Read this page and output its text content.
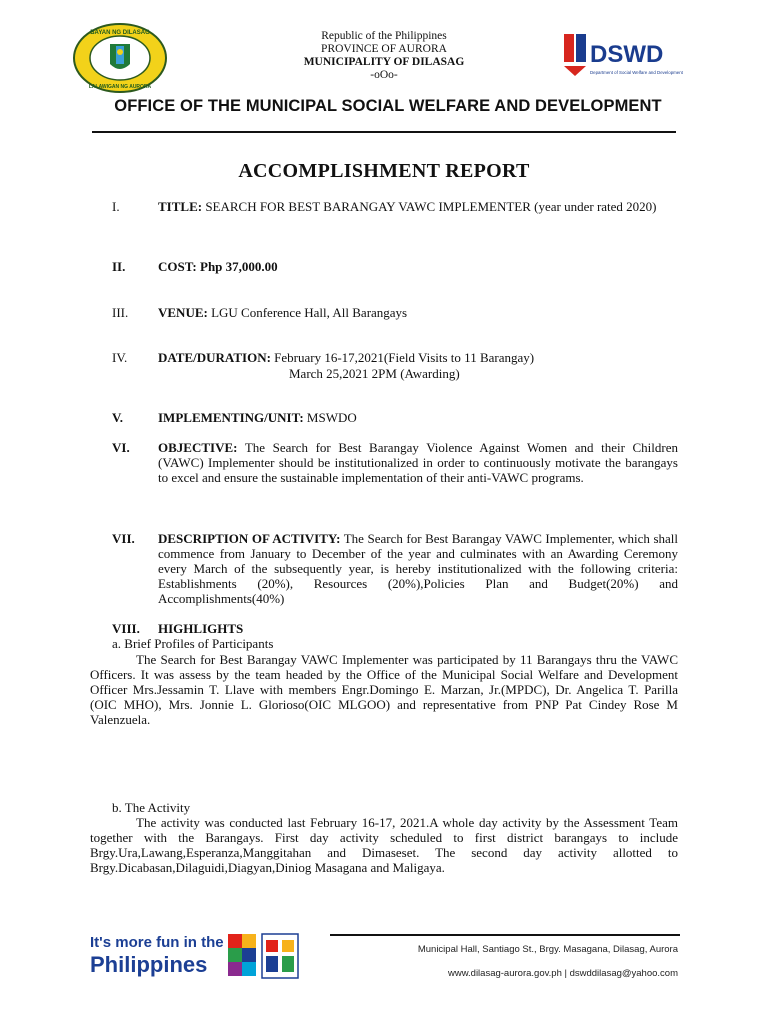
BAYAN NG DILASAG
LALAWIGAN NG AURORA
Republic of the Philippines
PROVINCE OF AURORA
MUNICIPALITY OF DILASAG
-oOo-
DSWD
Department of Social Welfare and Development
OFFICE OF THE MUNICIPAL SOCIAL WELFARE AND DEVELOPMENT
ACCOMPLISHMENT REPORT
I.	TITLE: SEARCH FOR BEST BARANGAY VAWC IMPLEMENTER (year under rated 2020)
II.	COST: Php 37,000.00
III. VENUE: LGU Conference Hall, All Barangays
IV. DATE/DURATION: February 16-17,2021(Field Visits to 11 Barangay)
March 25,2021 2PM (Awarding)
V.	IMPLEMENTING/UNIT: MSWDO
VI. OBJECTIVE: The Search for Best Barangay Violence Against Women and their Children (VAWC) Implementer should be institutionalized in order to continuously motivate the barangays to excel and ensure the sustainable implementation of their anti-VAWC programs.
VII. DESCRIPTION OF ACTIVITY: The Search for Best Barangay VAWC Implementer, which shall commence from January to December of the year and culminates with an Awarding Ceremony every March of the subsequently year, is hereby institutionalized with the following criteria: Establishments (20%), Resources (20%),Policies Plan and Budget(20%) and Accomplishments(40%)
VIII. HIGHLIGHTS
a. Brief Profiles of Participants
The Search for Best Barangay VAWC Implementer was participated by 11 Barangays thru the VAWC Officers. It was assess by the team headed by the Office of the Municipal Social Welfare and Development Officer Mrs.Jessamin T. Llave with members Engr.Domingo E. Marzan, Jr.(MPDC), Dr. Angelica T. Parilla (OIC MHO), Mrs. Jonnie L. Glorioso(OIC MLGOO) and representative from PNP Pat Cindey Rose M Valenzuela.
b. The Activity
The activity was conducted last February 16-17, 2021.A whole day activity by the Assessment Team together with the Barangays. First day activity scheduled to first district barangays to include Brgy.Ura,Lawang,Esperanza,Manggitahan and Dimaseset. The second day activity allotted to Brgy.Dicabasan,Dilaguidi,Diagyan,Diniog Masagana and Maligaya.
It's more fun in the
Philippines
Municipal Hall, Santiago St., Brgy. Masagana, Dilasag, Aurora
www.dilasag-aurora.gov.ph | dswddilasag@yahoo.com
